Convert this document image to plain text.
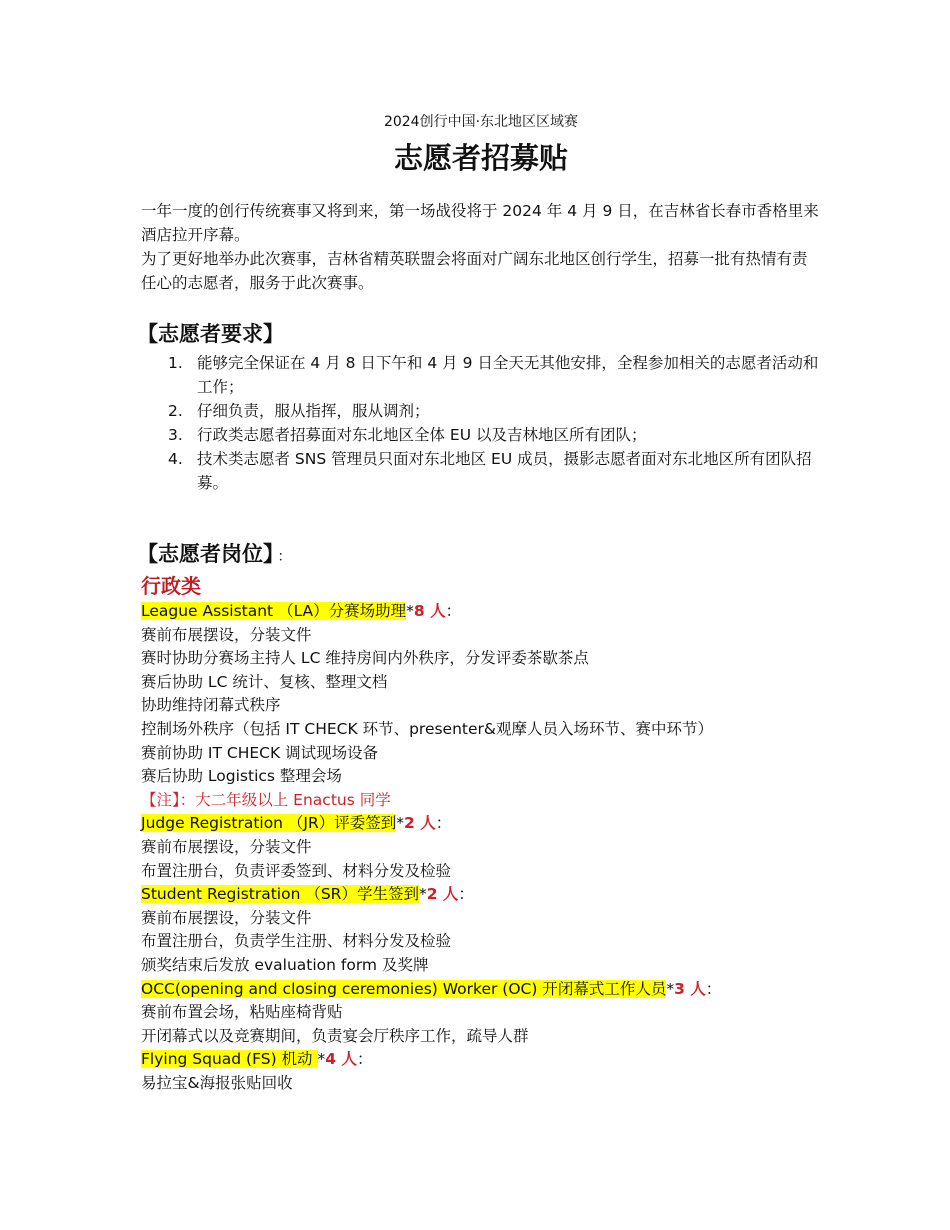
2024创行中国·东北地区区域赛

志愿者招募贴

一年一度的创行传统赛事又将到来，第一场战役将于 2024 年 4 月 9 日，在吉林省长春市香格里来酒店拉开序幕。

为了更好地举办此次赛事，吉林省精英联盟会将面对广阔东北地区创行学生，招募一批有热情有责任心的志愿者，服务于此次赛事。

【志愿者要求】
1. 能够完全保证在 4 月 8 日下午和 4 月 9 日全天无其他安排，全程参加相关的志愿者活动和工作；
2. 仔细负责，服从指挥，服从调剂；
3. 行政类志愿者招募面对东北地区全体 EU 以及吉林地区所有团队；
4. 技术类志愿者 SNS 管理员只面对东北地区 EU 成员，摄影志愿者面对东北地区所有团队招募。
【志愿者岗位】 ：

行政类

League Assistant （LA）分赛场助理*8 人：

赛前布展摆设，分装文件

赛时协助分赛场主持人 LC 维持房间内外秩序，分发评委茶歇茶点

赛后协助 LC 统计、复核、整理文档

协助维持闭幕式秩序

控制场外秩序（包括 IT CHECK 环节、presenter&观摩人员入场环节、赛中环节）

赛前协助 IT CHECK 调试现场设备

赛后协助 Logistics 整理会场

【注】：大二年级以上 Enactus 同学

Judge Registration （JR）评委签到*2 人：

赛前布展摆设，分装文件

布置注册台，负责评委签到、材料分发及检验

Student Registration （SR）学生签到*2 人：

赛前布展摆设，分装文件

布置注册台，负责学生注册、材料分发及检验

颁奖结束后发放 evaluation form 及奖牌

OCC(opening and closing ceremonies) Worker (OC) 开闭幕式工作人员*3 人：

赛前布置会场，粘贴座椅背贴

开闭幕式以及竞赛期间，负责宴会厅秩序工作，疏导人群

Flying Squad (FS) 机动 *4 人：

易拉宝&海报张贴回收
